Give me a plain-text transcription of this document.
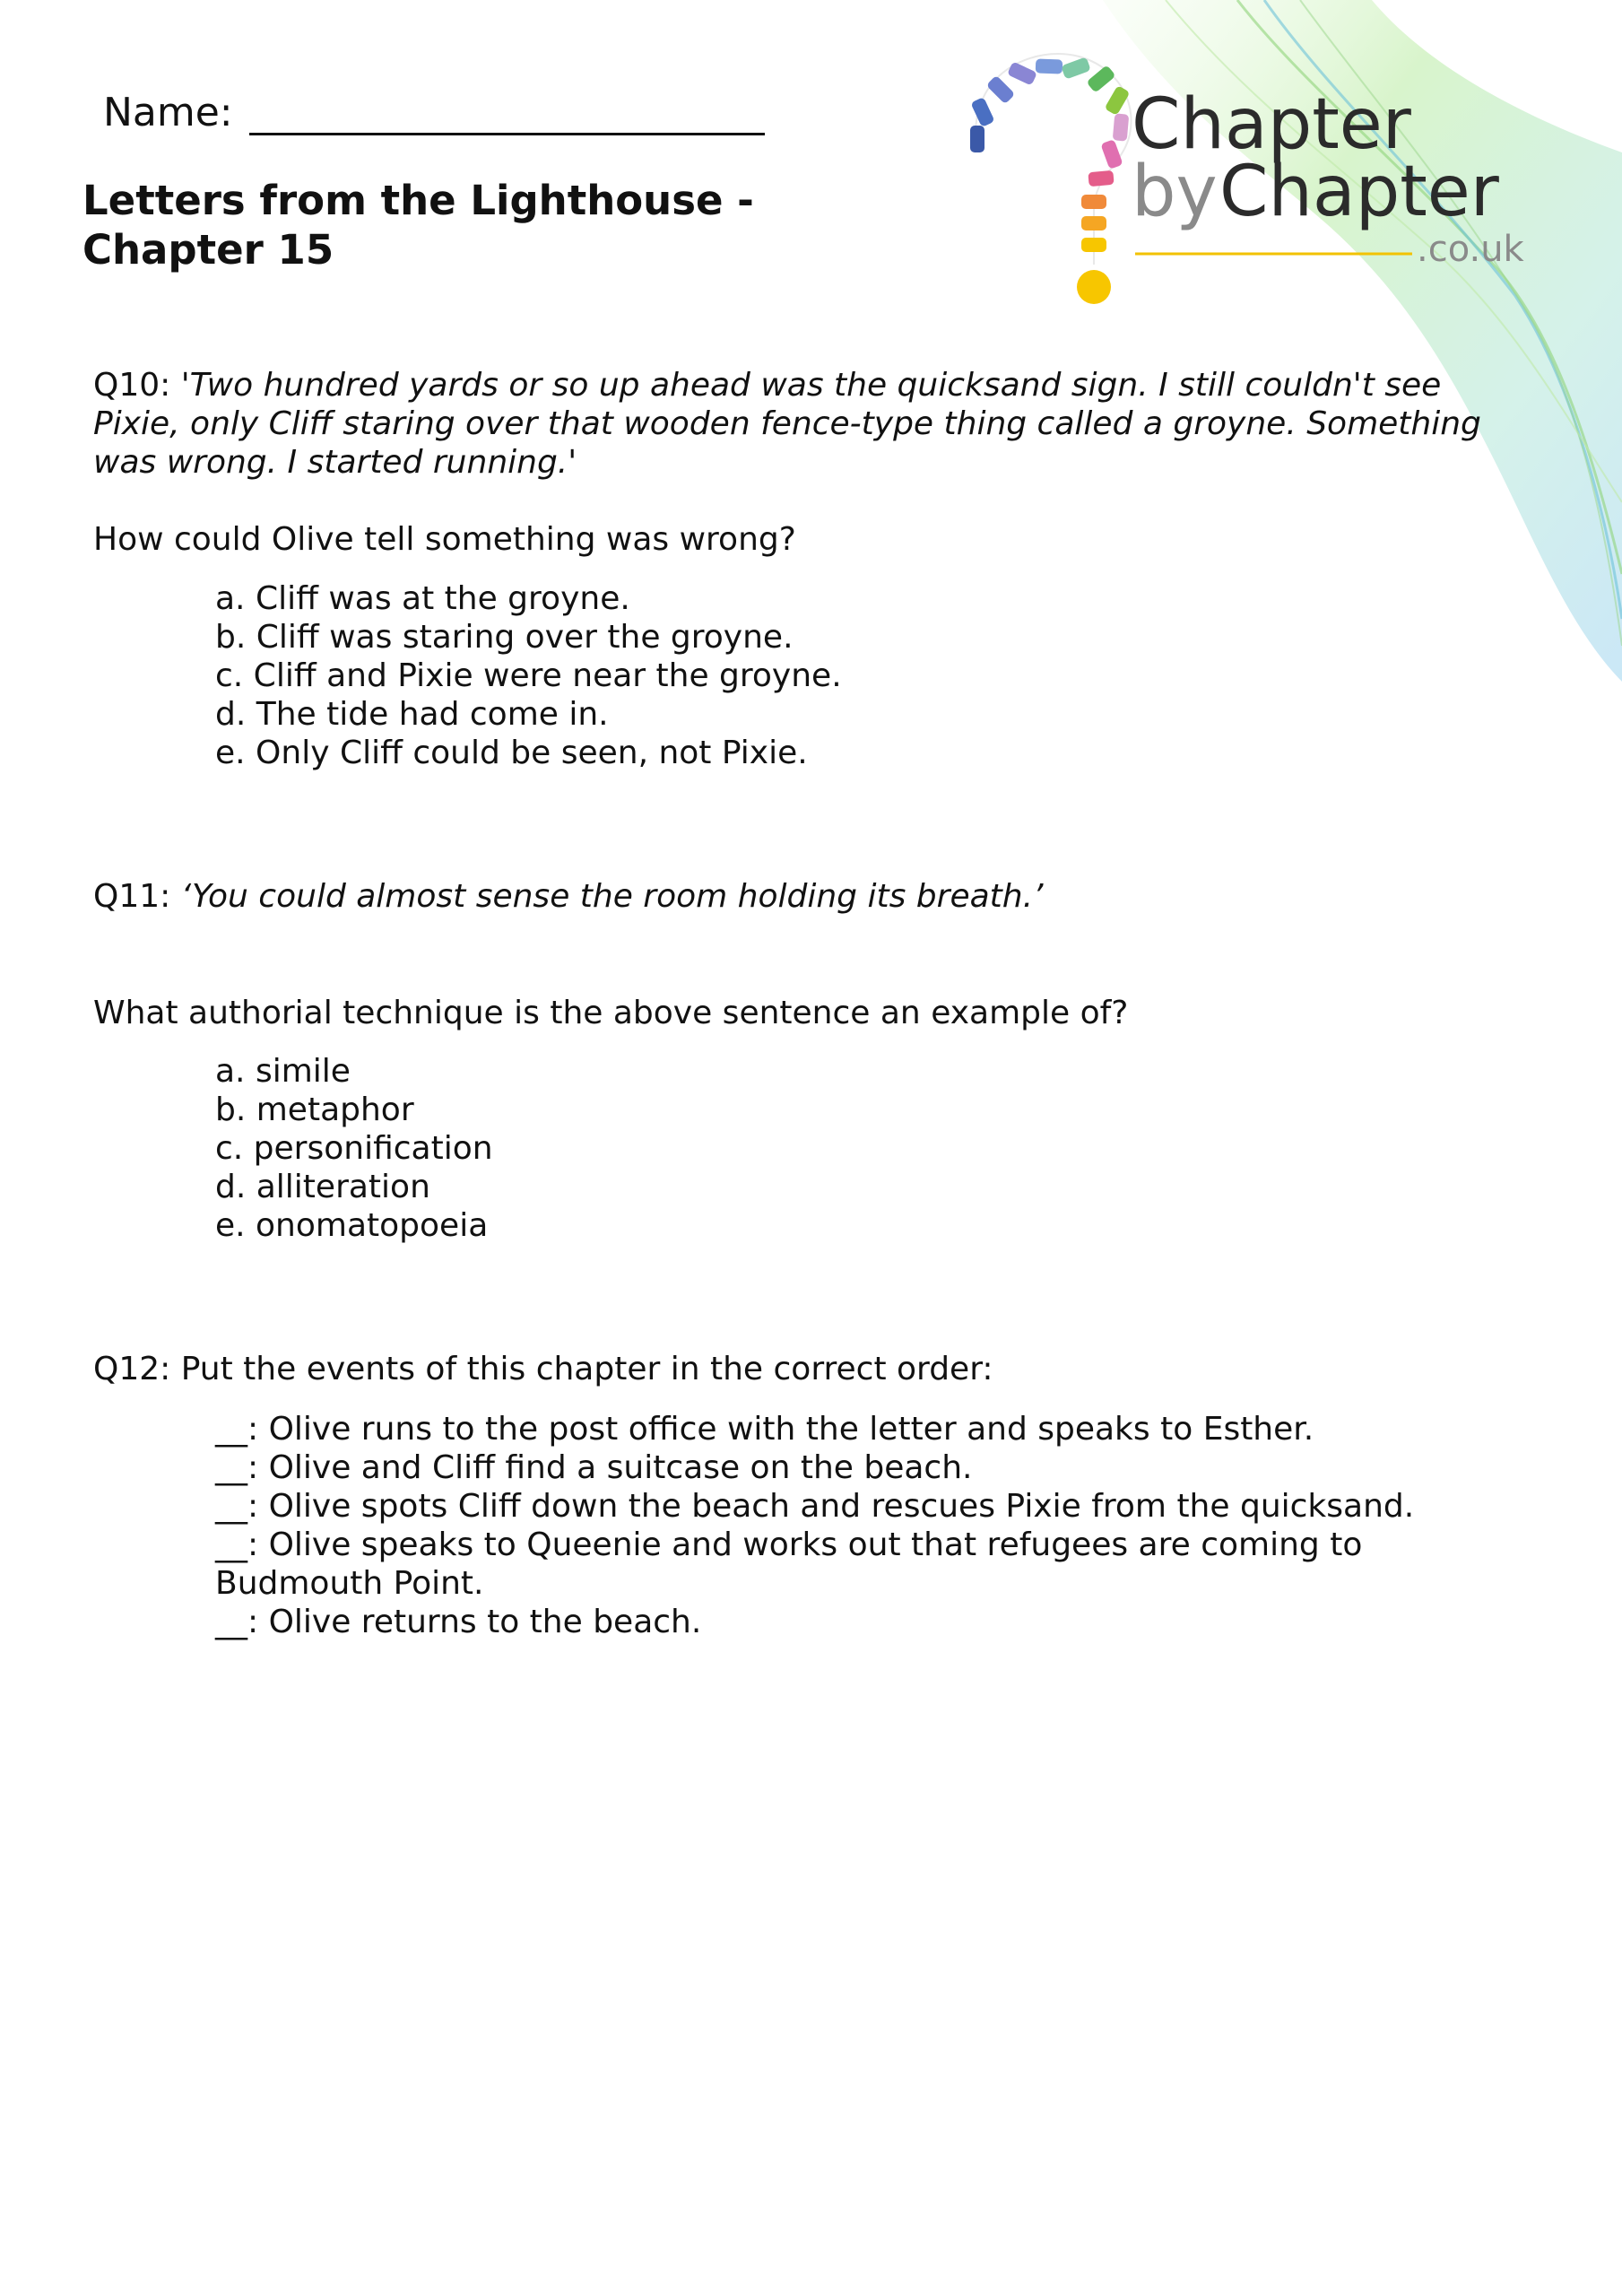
Name:
Letters from the Lighthouse -
Chapter 15
Chapter
by Chapter
.co.uk
Q10: 'Two hundred yards or so up ahead was the quicksand sign. I still couldn't see
Pixie, only Cliff staring over that wooden fence-type thing called a groyne. Something
was wrong. I started running.'
How could Olive tell something was wrong?
a. Cliff was at the groyne.
b. Cliff was staring over the groyne.
c. Cliff and Pixie were near the groyne.
d. The tide had come in.
e. Only Cliff could be seen, not Pixie.
Q11: ‘You could almost sense the room holding its breath.’
What authorial technique is the above sentence an example of?
a. simile
b. metaphor
c. personification
d. alliteration
e. onomatopoeia
Q12: Put the events of this chapter in the correct order:
__: Olive runs to the post office with the letter and speaks to Esther.
__: Olive and Cliff find a suitcase on the beach.
__: Olive spots Cliff down the beach and rescues Pixie from the quicksand.
__: Olive speaks to Queenie and works out that refugees are coming to
Budmouth Point.
__: Olive returns to the beach.
